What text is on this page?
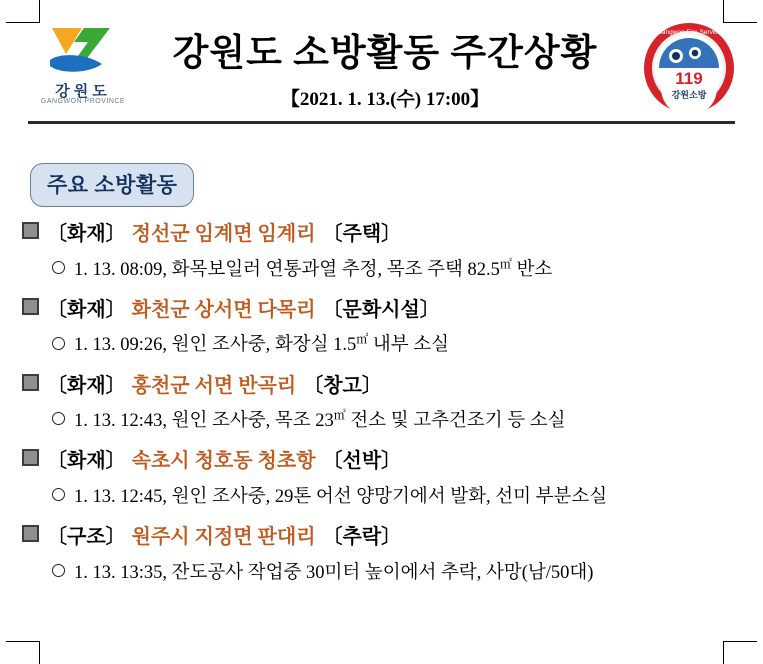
강원도
GANGWON PROVINCE
강원도 소방활동 주간상황
【2021. 1. 13.(수) 17:00】
119
강원소방
Gangwon Fire Service
주요 소방활동
〔화재〕 정선군 임계면 임계리 〔주택〕
1. 13. 08:09, 화목보일러 연통과열 추정, 목조 주택 82.5㎡ 반소
〔화재〕 화천군 상서면 다목리 〔문화시설〕
1. 13. 09:26, 원인 조사중, 화장실 1.5㎡ 내부 소실
〔화재〕 홍천군 서면 반곡리 〔창고〕
1. 13. 12:43, 원인 조사중, 목조 23㎡ 전소 및 고추건조기 등 소실
〔화재〕 속초시 청호동 청초항 〔선박〕
1. 13. 12:45, 원인 조사중, 29톤 어선 양망기에서 발화, 선미 부분소실
〔구조〕 원주시 지정면 판대리 〔추락〕
1. 13. 13:35, 잔도공사 작업중 30미터 높이에서 추락, 사망(남/50대)
